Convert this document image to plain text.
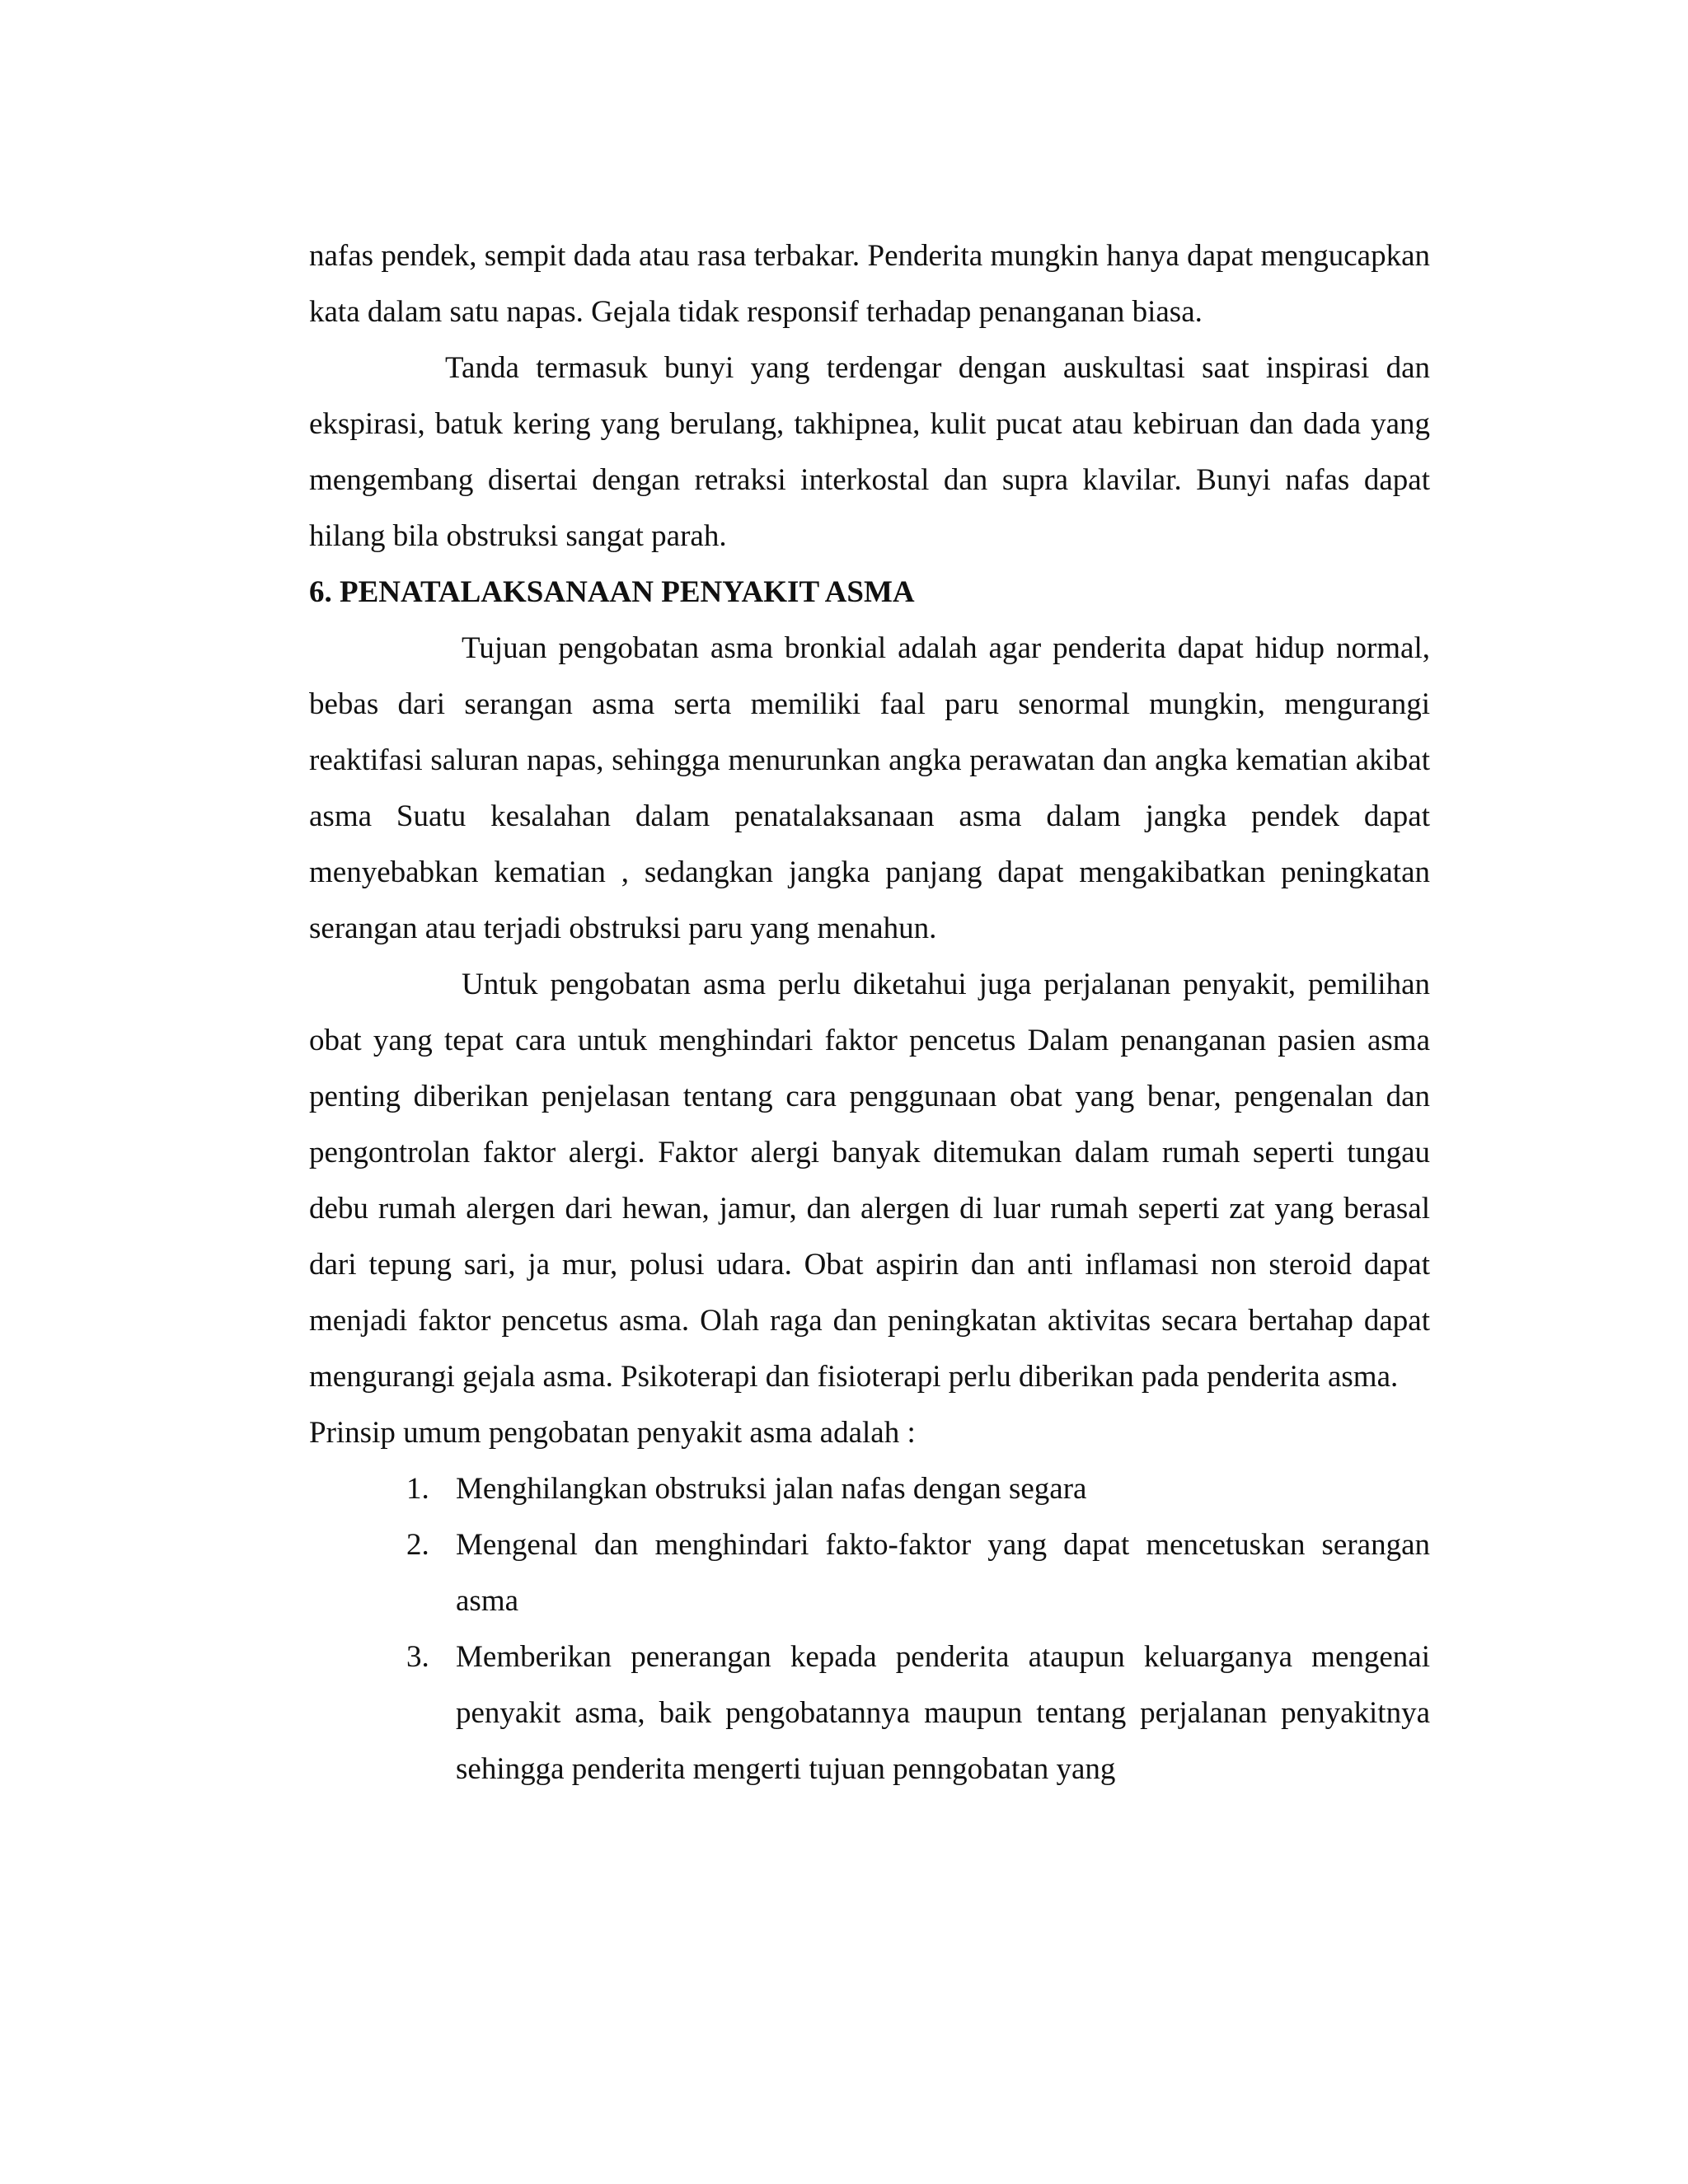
nafas pendek, sempit dada atau rasa terbakar. Penderita mungkin hanya dapat mengucapkan kata dalam satu napas. Gejala tidak responsif terhadap penanganan biasa.

Tanda termasuk bunyi yang terdengar dengan auskultasi saat inspirasi dan ekspirasi, batuk kering yang berulang, takhipnea, kulit pucat atau kebiruan dan dada yang mengembang disertai dengan retraksi interkostal dan supra klavilar. Bunyi nafas dapat hilang bila obstruksi sangat parah.

6. PENATALAKSANAAN PENYAKIT ASMA

Tujuan pengobatan asma bronkial adalah agar penderita dapat hidup normal, bebas dari serangan asma serta memiliki faal paru senormal mungkin, mengurangi reaktifasi saluran napas, sehingga menurunkan angka perawatan dan angka kematian akibat asma Suatu kesalahan dalam penatalaksanaan asma dalam jangka pendek dapat menyebabkan kematian , sedangkan jangka panjang dapat mengakibatkan peningkatan serangan atau terjadi obstruksi paru yang menahun.

Untuk pengobatan asma perlu diketahui juga perjalanan penyakit, pemilihan obat yang tepat cara untuk menghindari faktor pencetus Dalam penanganan pasien asma penting diberikan penjelasan tentang cara penggunaan obat yang benar, pengenalan dan pengontrolan faktor alergi. Faktor alergi banyak ditemukan dalam rumah seperti tungau debu rumah alergen dari hewan, jamur, dan alergen di luar rumah seperti zat yang berasal dari tepung sari, ja mur, polusi udara. Obat aspirin dan anti inflamasi non steroid dapat menjadi faktor pencetus asma. Olah raga dan peningkatan aktivitas secara bertahap dapat mengurangi gejala asma. Psikoterapi dan fisioterapi perlu diberikan pada penderita asma.

Prinsip umum pengobatan penyakit asma adalah :

1. Menghilangkan obstruksi jalan nafas dengan segara
2. Mengenal dan menghindari fakto-faktor yang dapat mencetuskan serangan asma
3. Memberikan penerangan kepada penderita ataupun keluarganya mengenai penyakit asma, baik pengobatannya maupun tentang perjalanan penyakitnya sehingga penderita mengerti tujuan penngobatan yang
